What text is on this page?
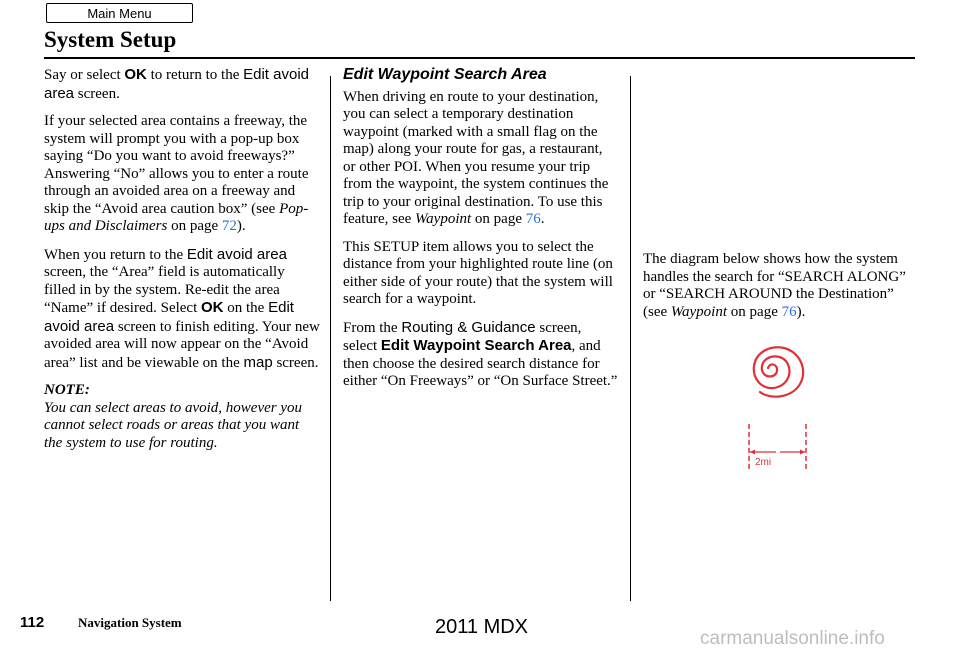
Main Menu
System Setup

Say or select OK to return to the Edit avoid area screen.

If your selected area contains a freeway, the system will prompt you with a pop-up box saying “Do you want to avoid freeways?” Answering “No” allows you to enter a route through an avoided area on a freeway and skip the “Avoid area caution box” (see Pop-ups and Disclaimers on page 72).

When you return to the Edit avoid area screen, the “Area” field is automatically filled in by the system. Re-edit the area “Name” if desired. Select OK on the Edit avoid area screen to finish editing. Your new avoided area will now appear on the “Avoid area” list and be viewable on the map screen.

NOTE:

You can select areas to avoid, however you cannot select roads or areas that you want the system to use for routing.

Edit Waypoint Search Area

When driving en route to your destination, you can select a temporary destination waypoint (marked with a small flag on the map) along your route for gas, a restaurant, or other POI. When you resume your trip from the waypoint, the system continues the trip to your original destination. To use this feature, see Waypoint on page 76.

This SETUP item allows you to select the distance from your highlighted route line (on either side of your route) that the system will search for a waypoint.

From the Routing & Guidance screen, select Edit Waypoint Search Area, and then choose the desired search distance for either “On Freeways” or “On Surface Street.”

The diagram below shows how the system handles the search for “SEARCH ALONG” or “SEARCH AROUND the Destination” (see Waypoint on page 76).

2mi
112	Navigation System	2011 MDX
carmanualsonline.info
